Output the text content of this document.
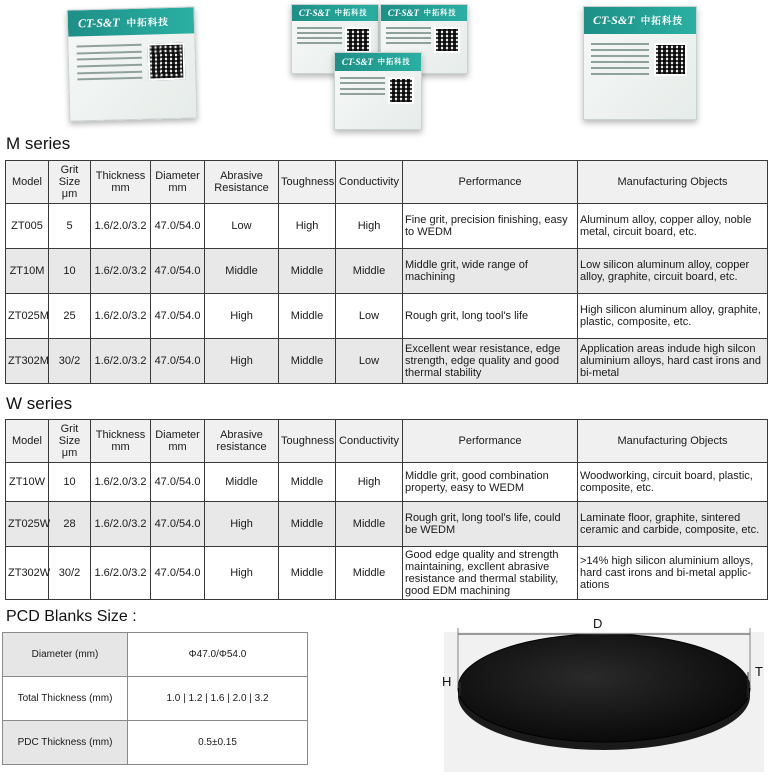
CT-S&T 中拓科技
CT-S&T 中拓科技 CT-S&T 中拓科技
CT-S&T 中拓科技
CT-S&T 中拓科技
M series
Model	Grit Size μm	Thickness mm	Diameter mm	Abrasive Resistance	Toughness	Conductivity	Performance	Manufacturing Objects
ZT005	5	1.6/2.0/3.2	47.0/54.0	Low	High	High	Fine grit, precision finishing, easy to WEDM	Aluminum alloy, copper alloy, noble metal, circuit board, etc.
ZT10M	10	1.6/2.0/3.2	47.0/54.0	Middle	Middle	Middle	Middle grit, wide range of machining	Low silicon aluminum alloy, copper alloy, graphite, circuit board, etc.
ZT025M	25	1.6/2.0/3.2	47.0/54.0	High	Middle	Low	Rough grit, long tool's life	High silicon aluminum alloy, graphite, plastic, composite, etc.
ZT302M	30/2	1.6/2.0/3.2	47.0/54.0	High	Middle	Low	Excellent wear resistance, edge strength, edge quality and good thermal stability	Application areas indude high silcon aluminium alloys, hard cast irons and bi-metal
W series
Model	Grit Size μm	Thickness mm	Diameter mm	Abrasive resistance	Toughness	Conductivity	Performance	Manufacturing Objects
ZT10W	10	1.6/2.0/3.2	47.0/54.0	Middle	Middle	High	Middle grit, good combination property, easy to WEDM	Woodworking, circuit board, plastic, composite, etc.
ZT025W	28	1.6/2.0/3.2	47.0/54.0	High	Middle	Middle	Rough grit, long tool's life, could be WEDM	Laminate floor, graphite, sintered ceramic and carbide, composite, etc.
ZT302W	30/2	1.6/2.0/3.2	47.0/54.0	High	Middle	Middle	Good edge quality and strength maintaining, excllent abrasive resistance and thermal stability, good EDM machining	>14% high silicon aluminium alloys, hard cast irons and bi-metal applic- ations
PCD Blanks Size :
Diameter (mm)	Φ47.0/Φ54.0
Total Thickness (mm)	1.0 | 1.2 | 1.6 | 2.0 | 3.2
PDC Thickness (mm)	0.5±0.15
D
T
H
